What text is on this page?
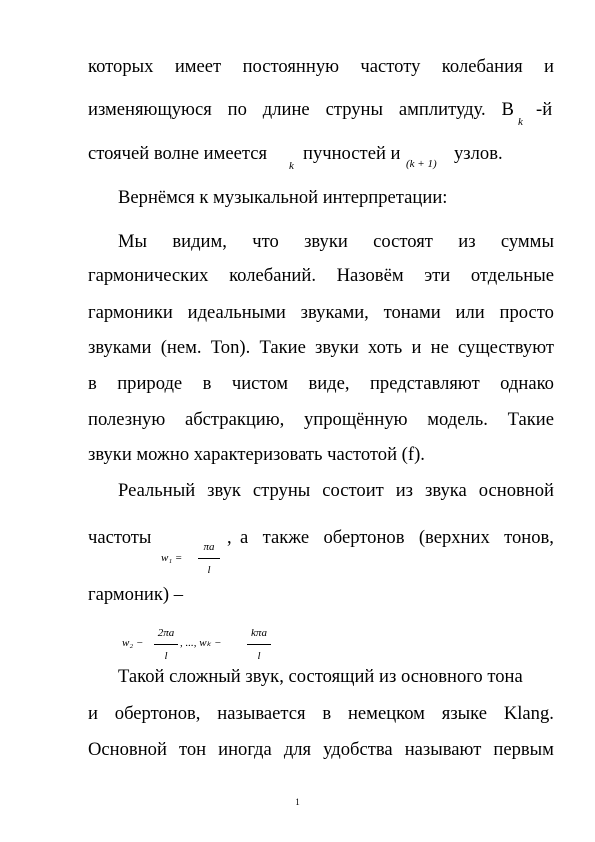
которых имеет постоянную частоту колебания и
изменяющуюся по длине струны амплитуду. В
k
-й
стоячей волне имеется
k
пучностей и (k + 1) узлов.
Вернёмся к музыкальной интерпретации:
Мы видим, что звуки состоят из суммы
гармонических колебаний. Назовём эти отдельные
гармоники идеальными звуками, тонами или просто
звуками (нем. Ton). Такие звуки хоть и не существуют
в природе в чистом виде, представляют однако
полезную абстракцию, упрощённую модель. Такие
звуки можно характеризовать частотой (f).
Реальный звук струны состоит из звука основной
частоты
$w_1 = \frac{\pi a}{l}$ , а также обертонов (верхних тонов,
гармоник) –
$w_2 - \frac{2\pi a}{l}$ , ..., wₖ −
kπa
l
Такой сложный звук, состоящий из основного тона
и обертонов, называется в немецком языке Klang.
Основной тон иногда для удобства называют первым
1
